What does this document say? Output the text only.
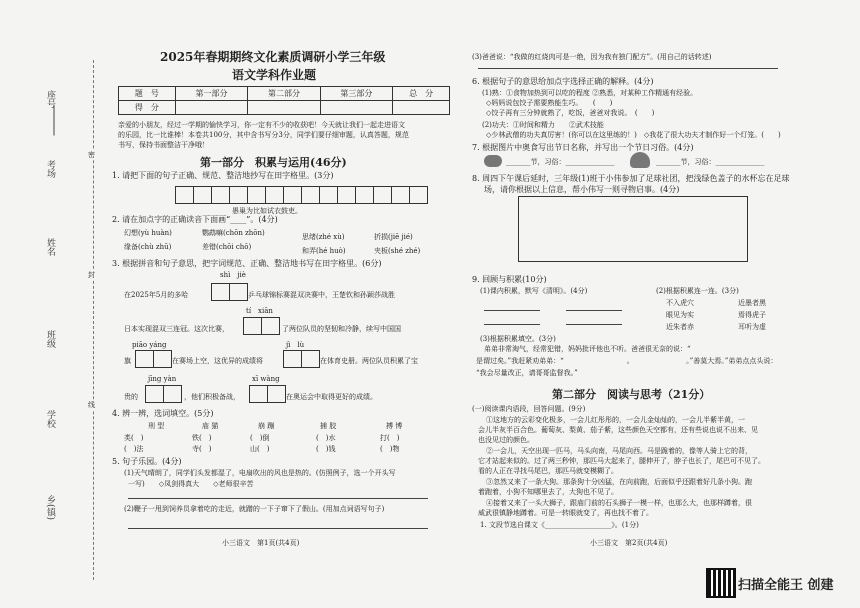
座号
考场
姓名
班级
学校
乡(镇)
密
封
线
2025年春期期终文化素质调研小学三年级
语文学科作业题
题　号	第一部分	第二部分	第三部分	总　分
得　分				
亲爱的小朋友，经过一学期的愉快学习，你一定有不少的收获吧！今天就让我们一起走进语文
的乐园，比一比谁棒！本卷共100分，其中含书写分3分，同学们要仔细审题，认真答题，规范
书写，保持书面整洁干净哦！
第一部分　积累与运用(46分)
1. 请把下面的句子正确、规范、整洁地抄写在田字格里。(3分)
愚巢为比如试衣鼓吏。
2. 请在加点字的正确读音下面画“____”。(4分)
幻想(yù huàn)	鹦鹉嘛(chōn zhōn)	思绪(zhé xù)	折损(jiē jié)
缘备(chù zhū)	差错(chōi chō)	和弄(hé huò)	夹板(shé zhé)
3. 根据拼音和句子意思，把字词规范、正确、整洁地书写在田字格里。(6分)
shì　jiè
在2025年5月的多哈	乒乓球锦标赛混双决赛中，王楚钦和孙颖莎战胜
tí　xiān
日本实现混双三连冠。这次比赛，	了两位队员的坚韧和冷静，续写中国国
piāo yáng	jì　lù
旗	在赛场上空，这优异的成绩将	在体育史册。两位队员积累了宝
jīng yàn	xī wàng
贵的	，他们积极备战，	在奥运会中取得更好的成绩。
4. 辨一辨，选词填空。(5分)
刑 型	庙 猫	崩 蹦	捕 胶	搏 博
类(　)	铁(　)	(　)倒	(　)水	打(　)
(　)法	寺(　)	山(　)	(　)钱	(　)物
5. 句子乐园。(4分)
(1)天气晴朗了，同学们头发都湿了，电扇吹出的风也是热的。(仿照例子，选一个开头写
一写)　　◇凤剑得真大　　◇老师很辛苦
(2)鞭子一甩到饲养员拿着吃的走近，就蹭的一下子窜下了假山。(用加点词语写句子)
小三语文　第1页(共4页)
(3)爸爸说：“我做的红烧肉可是一绝，因为我有独门配方”。(用自己的话转述)
6. 根据句子的意思给加点字选择正确的解释。(4分)
(1)熟：①食物加热到可以吃的程度 ②熟悉，对某种工作精通有经验。
◇妈妈说包饺子需要熟能生巧。　　(　　)
◇饺子再有三分钟就熟了，吃饭，爸爸对我说。　(　　)
(2)功夫：①时间和精力　　②武术技能
◇少林武僧的功夫真厉害！(你可以在这里练的！)　◇我花了很大功夫才制作好一个灯笼。(　　)
7. 根据图片中奥食写出节日名称，并写出一个节日习俗。(4分)
_______节，习俗：______________	_______节，习俗：______________
8. 周四下午课后延时，三年级(1)班于小伟参加了足球社团，把浅绿色盖子的水杯忘在足球
场，请你根据以上信息，帮小伟写一则寻物启事。(4分)
9. 回顾与积累(10分)
(1)课内积累，默写《清明》。(4分)	(2)根据积累连一连。(3分)
不入虎穴
眼见为实
近朱者赤
近墨者黑
焉得虎子
耳听为虚
(3)根据积累填空。(3分)
弟弟非常淘气，经常犯错，妈妈批评他也不听。爸爸很无奈的说：“
是谓过矣。”我赶紧劝弟弟：“　　　　　　　　　。　　　　　　　　。”善莫大焉。”弟弟点点头说：
“我会尽量改正，请哥哥监督我。”
第二部分　阅读与思考（21分）
(一)阅读课内语段，回答问题。(9分)
①这地方的云彩变化极多，一会儿红彤彤的，一会儿金灿灿的，一会儿半紫半黄，一
会儿半灰半百合色。葡萄灰、梨黄、茄子紫，这些颜色天空都有，还有些说也说不出来、见
也没见过的颜色。
②一会儿，天空出现一匹马，马头向南，马尾向西。马是跪着的，像等人骑上它的背，
它才站起来似的。过了两三秒钟，那匹马大起来了，腿伸开了，脖子也长了，尾巴可不见了。
看的人正在寻找马尾巴，那匹马就变模糊了。
③忽然又来了一条大狗。那条狗十分凶猛，在向前跑，后面似乎还跟着好几条小狗。跑
着跑着，小狗不知哪里去了，大狗也不见了。
④接着又来了一头大狮子，跟庙门前的石头狮子一模一样，也那么大，也那样蹲着，很
威武很镇静地蹲着。可是一转眼就变了，再也找不着了。
1. 文段节选自课文《___________________》。(1分)
小三语文　第2页(共4页)
扫描全能王 创建
